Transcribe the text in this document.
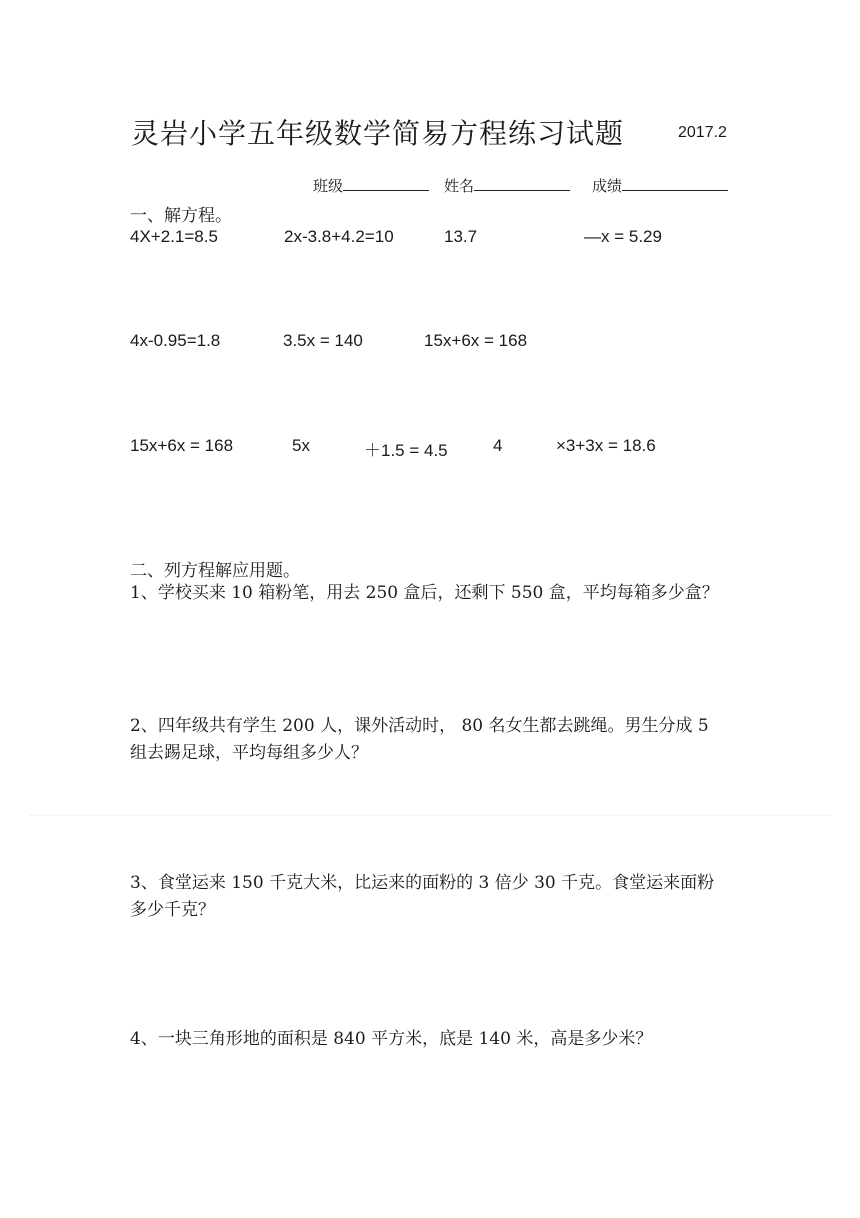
灵岩小学五年级数学简易方程练习试题	2017.2
班级	姓名	成绩
一、解方程。
4X+2.1=8.5	2x-3.8+4.2=10	13.7	—x = 5.29
4x-0.95=1.8	3.5x = 140	15x+6x = 168
15x+6x = 168	5x	＋1.5 = 4.5	4	×3+3x = 18.6
二、列方程解应用题。
1、学校买来 10 箱粉笔，用去 250 盒后，还剩下 550 盒，平均每箱多少盒？
2、四年级共有学生 200 人，课外活动时， 80 名女生都去跳绳。男生分成 5 组去踢足球，平均每组多少人？
3、食堂运来 150 千克大米，比运来的面粉的 3 倍少 30 千克。食堂运来面粉多少千克？
4、一块三角形地的面积是 840 平方米，底是 140 米，高是多少米？
